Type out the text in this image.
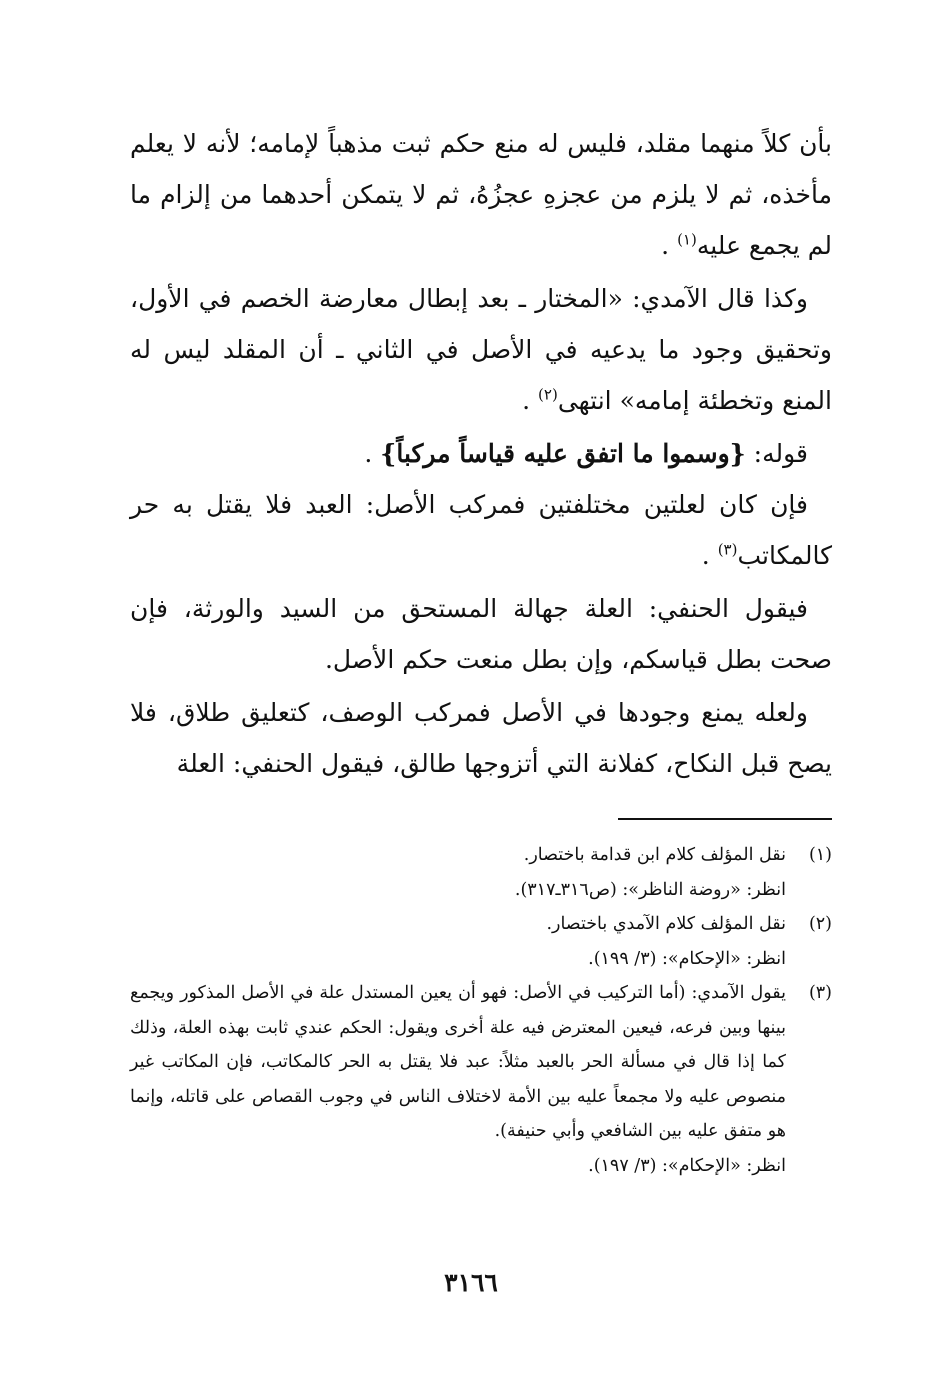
بأن كلاً منهما مقلد، فليس له منع حكم ثبت مذهباً لإمامه؛ لأنه لا يعلم مأخذه، ثم لا يلزم من عجزهِ عجزُهُ، ثم لا يتمكن أحدهما من إلزام ما لم يجمع عليه$^{(١)}$ .

وكذا قال الآمدي: «المختار ـ بعد إبطال معارضة الخصم في الأول، وتحقيق وجود ما يدعيه في الأصل في الثاني ـ أن المقلد ليس له المنع وتخطئة إمامه» انتهى$^{(٢)}$ .

قوله: {وسموا ما اتفق عليه قياساً مركباً} .

فإن كان لعلتين مختلفتين فمركب الأصل: العبد فلا يقتل به حر كالمكاتب$^{(٣)}$ .

فيقول الحنفي: العلة جهالة المستحق من السيد والورثة، فإن صحت بطل قياسكم، وإن بطل منعت حكم الأصل.

ولعله يمنع وجودها في الأصل فمركب الوصف، كتعليق طلاق، فلا يصح قبل النكاح، كفلانة التي أتزوجها طالق، فيقول الحنفي: العلة

(١)
نقل المؤلف كلام ابن قدامة باختصار.
انظر: «روضة الناظر»: (ص٣١٦ـ٣١٧).
(٢)
نقل المؤلف كلام الآمدي باختصار.
انظر: «الإحكام»: (٣/ ١٩٩).
(٣)
يقول الآمدي: (أما التركيب في الأصل: فهو أن يعين المستدل علة في الأصل المذكور ويجمع بينها وبين فرعه، فيعين المعترض فيه علة أخرى ويقول: الحكم عندي ثابت بهذه العلة، وذلك كما إذا قال في مسألة الحر بالعبد مثلاً: عبد فلا يقتل به الحر كالمكاتب، فإن المكاتب غير منصوص عليه ولا مجمعاً عليه بين الأمة لاختلاف الناس في وجوب القصاص على قاتله، وإنما هو متفق عليه بين الشافعي وأبي حنيفة).
انظر: «الإحكام»: (٣/ ١٩٧).
٣١٦٦
